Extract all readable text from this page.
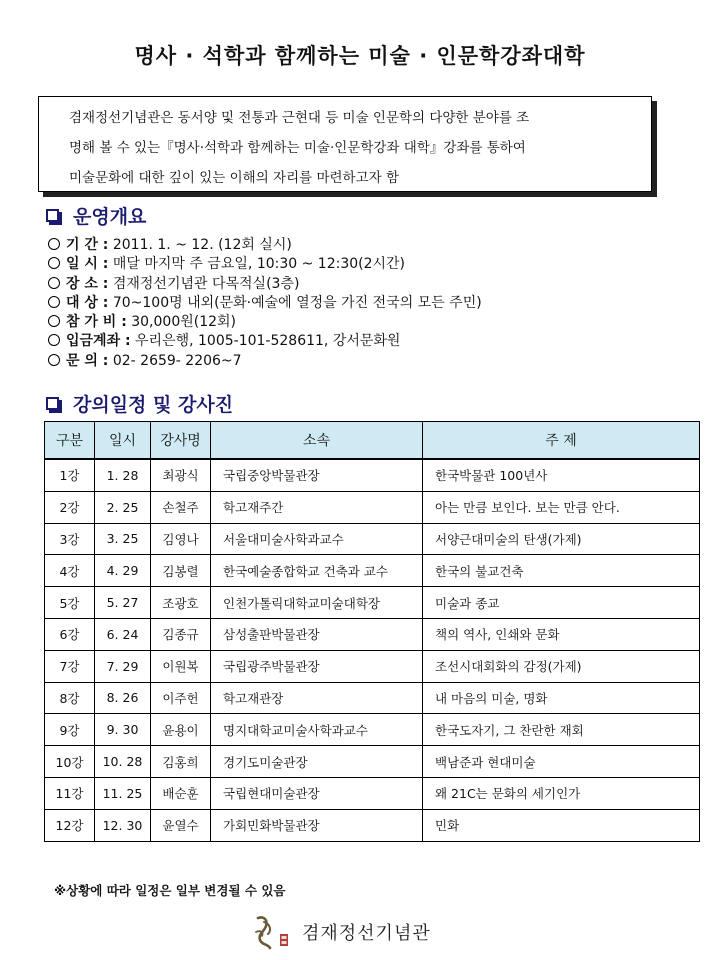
명사 · 석학과 함께하는 미술 · 인문학강좌대학

겸재정선기념관은 동서양 및 전통과 근현대 등 미술 인문학의 다양한 분야를 조

명해 볼 수 있는『명사·석학과 함께하는 미술·인문학강좌 대학』강좌를 통하여

미술문화에 대한 깊이 있는 이해의 자리를 마련하고자 함

운영개요
기 간 : 2011. 1. ~ 12. (12회 실시)
일 시 : 매달 마지막 주 금요일, 10:30 ~ 12:30(2시간)
장 소 : 겸재정선기념관 다목적실(3층)
대 상 : 70~100명 내외(문화·예술에 열정을 가진 전국의 모든 주민)
참 가 비 : 30,000원(12회)
입금계좌 : 우리은행, 1005-101-528611, 강서문화원
문 의 : 02- 2659- 2206~7
강의일정 및 강사진
구분	일시	강사명	소속	주 제
1강	1. 28	최광식	국립중앙박물관장	한국박물관 100년사
2강	2. 25	손철주	학고재주간	아는 만큼 보인다. 보는 만큼 안다.
3강	3. 25	김영나	서울대미술사학과교수	서양근대미술의 탄생(가제)
4강	4. 29	김봉렬	한국예술종합학교 건축과 교수	한국의 불교건축
5강	5. 27	조광호	인천가톨릭대학교미술대학장	미술과 종교
6강	6. 24	김종규	삼성출판박물관장	책의 역사, 인쇄와 문화
7강	7. 29	이원복	국립광주박물관장	조선시대회화의 감정(가제)
8강	8. 26	이주헌	학고재관장	내 마음의 미술, 명화
9강	9. 30	윤용이	명지대학교미술사학과교수	한국도자기, 그 찬란한 재회
10강	10. 28	김홍희	경기도미술관장	백남준과 현대미술
11강	11. 25	배순훈	국립현대미술관장	왜 21C는 문화의 세기인가
12강	12. 30	윤열수	가회민화박물관장	민화
※상황에 따라 일정은 일부 변경될 수 있음
겸재정선기념관
